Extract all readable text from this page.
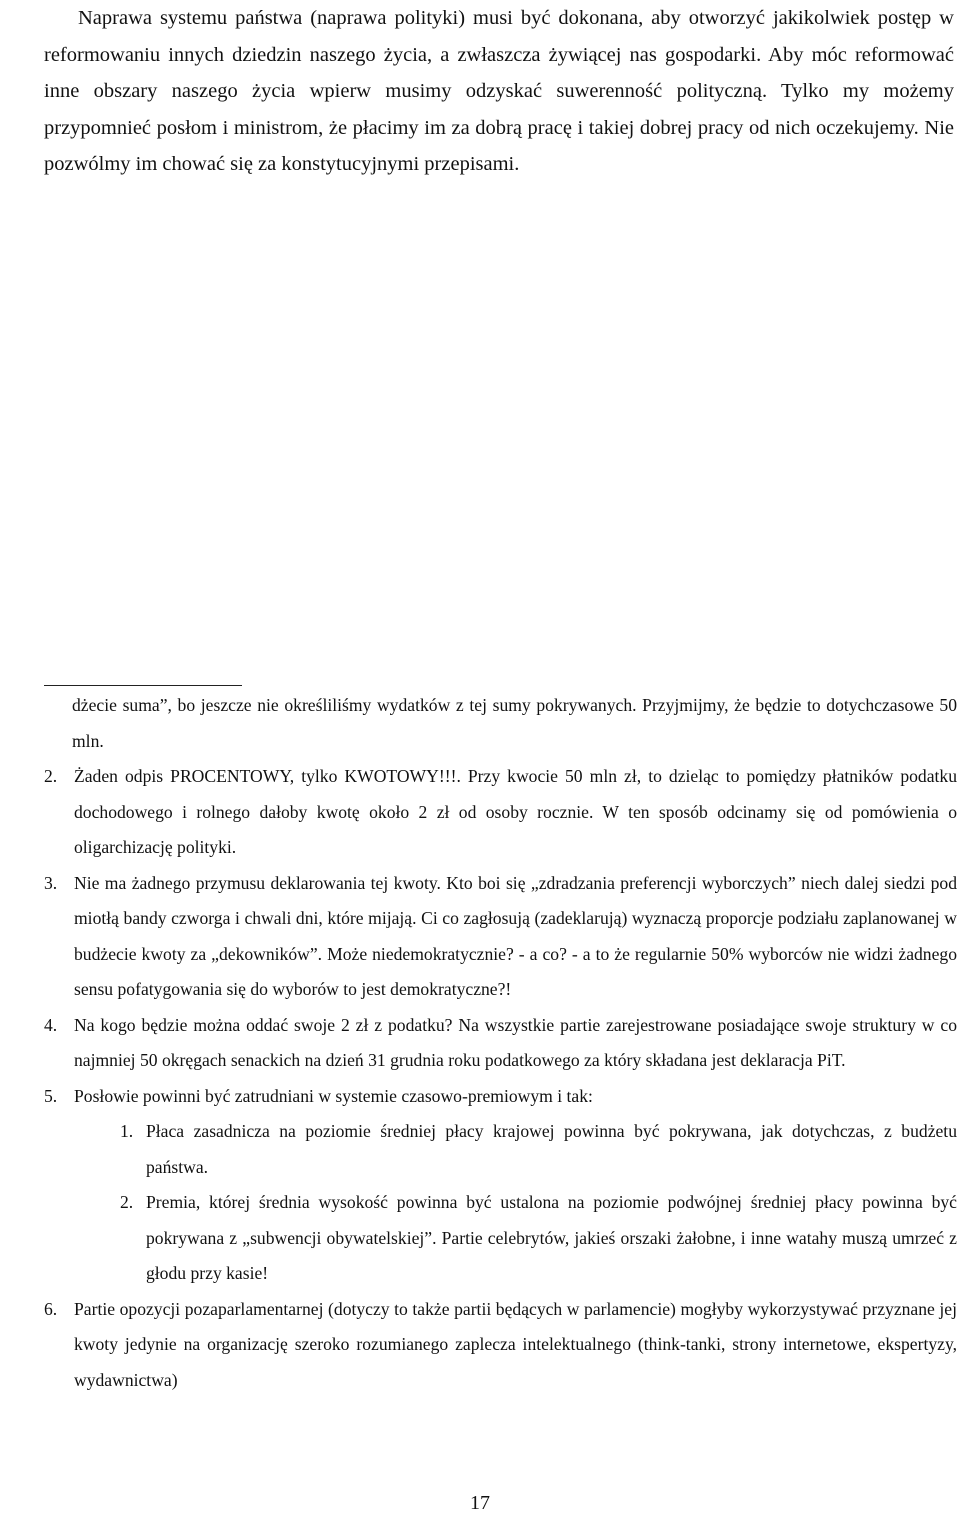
Naprawa systemu państwa (naprawa polityki) musi być dokonana, aby otworzyć jakikolwiek postęp w reformowaniu innych dziedzin naszego życia, a zwłaszcza żywiącej nas gospodarki. Aby móc reformować inne obszary naszego życia wpierw musimy odzyskać suwerenność polityczną. Tylko my możemy przypomnieć posłom i ministrom, że płacimy im za dobrą pracę i takiej dobrej pracy od nich oczekujemy. Nie pozwólmy im chować się za konstytucyjnymi przepisami.

dżecie suma”, bo jeszcze nie określiliśmy wydatków z tej sumy pokrywanych. Przyjmijmy, że będzie to dotychczasowe 50 mln.

2. Żaden odpis PROCENTOWY, tylko KWOTOWY!!!. Przy kwocie 50 mln zł, to dzieląc to pomiędzy płatników podatku dochodowego i rolnego dałoby kwotę około 2 zł od osoby rocznie. W ten sposób odcinamy się od pomówienia o oligarchizację polityki.
3. Nie ma żadnego przymusu deklarowania tej kwoty. Kto boi się „zdradzania preferencji wyborczych” niech dalej siedzi pod miotłą bandy czworga i chwali dni, które mijają. Ci co zagłosują (zadeklarują) wyznaczą proporcje podziału zaplanowanej w budżecie kwoty za „dekowników”. Może niedemokratycznie? - a co? - a to że regularnie 50% wyborców nie widzi żadnego sensu pofatygowania się do wyborów to jest demokratyczne?!
4. Na kogo będzie można oddać swoje 2 zł z podatku? Na wszystkie partie zarejestrowane posiadające swoje struktury w co najmniej 50 okręgach senackich na dzień 31 grudnia roku podatkowego za który składana jest deklaracja PiT.
5. Posłowie powinni być zatrudniani w systemie czasowo-premiowym i tak:
1. Płaca zasadnicza na poziomie średniej płacy krajowej powinna być pokrywana, jak dotychczas, z budżetu państwa.
2. Premia, której średnia wysokość powinna być ustalona na poziomie podwójnej średniej płacy powinna być pokrywana z „subwencji obywatelskiej”. Partie celebrytów, jakieś orszaki żałobne, i inne watahy muszą umrzeć z głodu przy kasie!
6. Partie opozycji pozaparlamentarnej (dotyczy to także partii będących w parlamencie) mogłyby wykorzystywać przyznane jej kwoty jedynie na organizację szeroko rozumianego zaplecza intelektualnego (think-tanki, strony internetowe, ekspertyzy, wydawnictwa)
17
